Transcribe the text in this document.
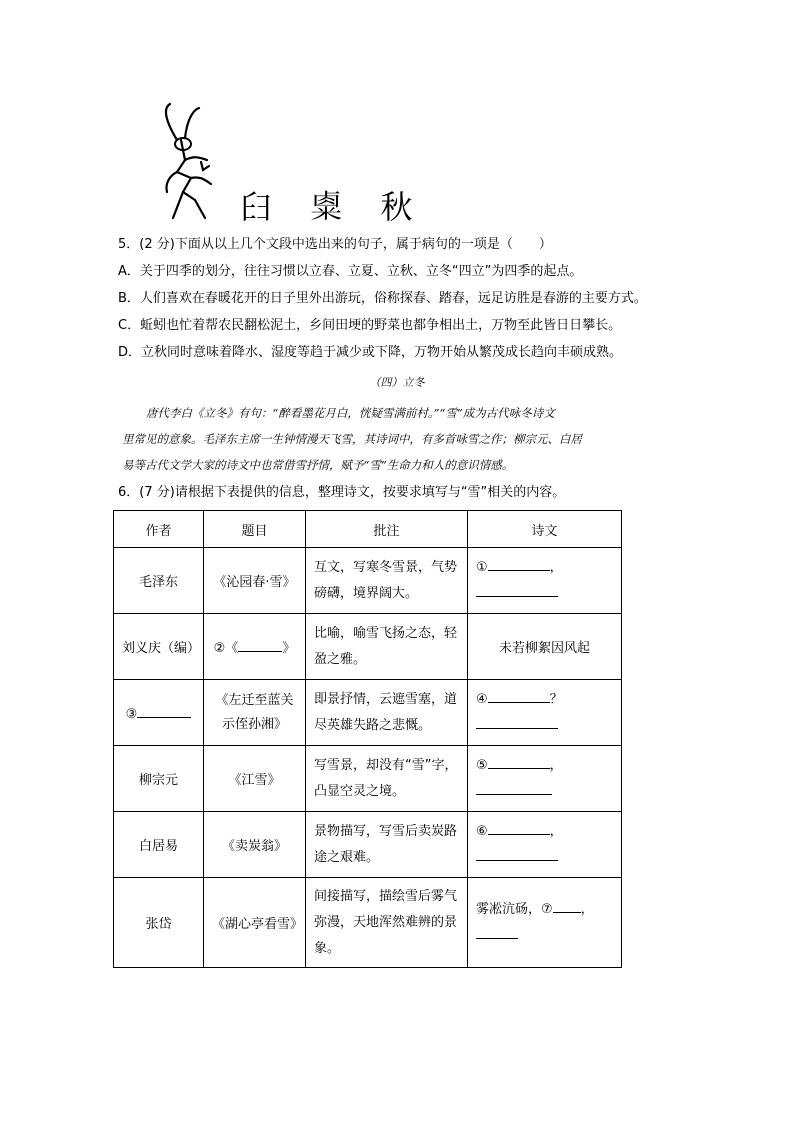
𦥑 𥻆 秋
5．(2 分)下面从以上几个文段中选出来的句子，属于病句的一项是（　　）
A．关于四季的划分，往往习惯以立春、立夏、立秋、立冬“四立”为四季的起点。
B．人们喜欢在春暖花开的日子里外出游玩，俗称探春、踏春，远足访胜是春游的主要方式。
C．蚯蚓也忙着帮农民翻松泥土，乡间田埂的野菜也都争相出土，万物至此皆日日攀长。
D．立秋同时意味着降水、湿度等趋于减少或下降，万物开始从繁茂成长趋向丰硕成熟。
（四）立冬
唐代李白《立冬》有句：“醉看墨花月白，恍疑雪满前村。”“雪”成为古代咏冬诗文
里常见的意象。毛泽东主席一生钟情漫天飞雪，其诗词中，有多首咏雪之作；柳宗元、白居
易等古代文学大家的诗文中也常借雪抒情，赋予“雪”生命力和人的意识情感。
6．(7 分)请根据下表提供的信息，整理诗文，按要求填写与“雪”相关的内容。
作者	题目	批注	诗文
毛泽东	《沁园春·雪》	互文，写寒冬雪景，气势磅礴，境界阔大。	① ，

刘义庆（编）	②《 》	比喻，喻雪飞扬之态，轻盈之雅。	未若柳絮因风起
③	《左迁至蓝关示侄孙湘》	即景抒情，云遮雪塞，道尽英雄失路之悲慨。	④ ？

柳宗元	《江雪》	写雪景，却没有“雪”字，凸显空灵之境。	⑤ ，

白居易	《卖炭翁》	景物描写，写雪后卖炭路途之艰难。	⑥ ，

张岱	《湖心亭看雪》	间接描写，描绘雪后雾气弥漫，天地浑然难辨的景象。	雾凇沆砀，⑦ ，
